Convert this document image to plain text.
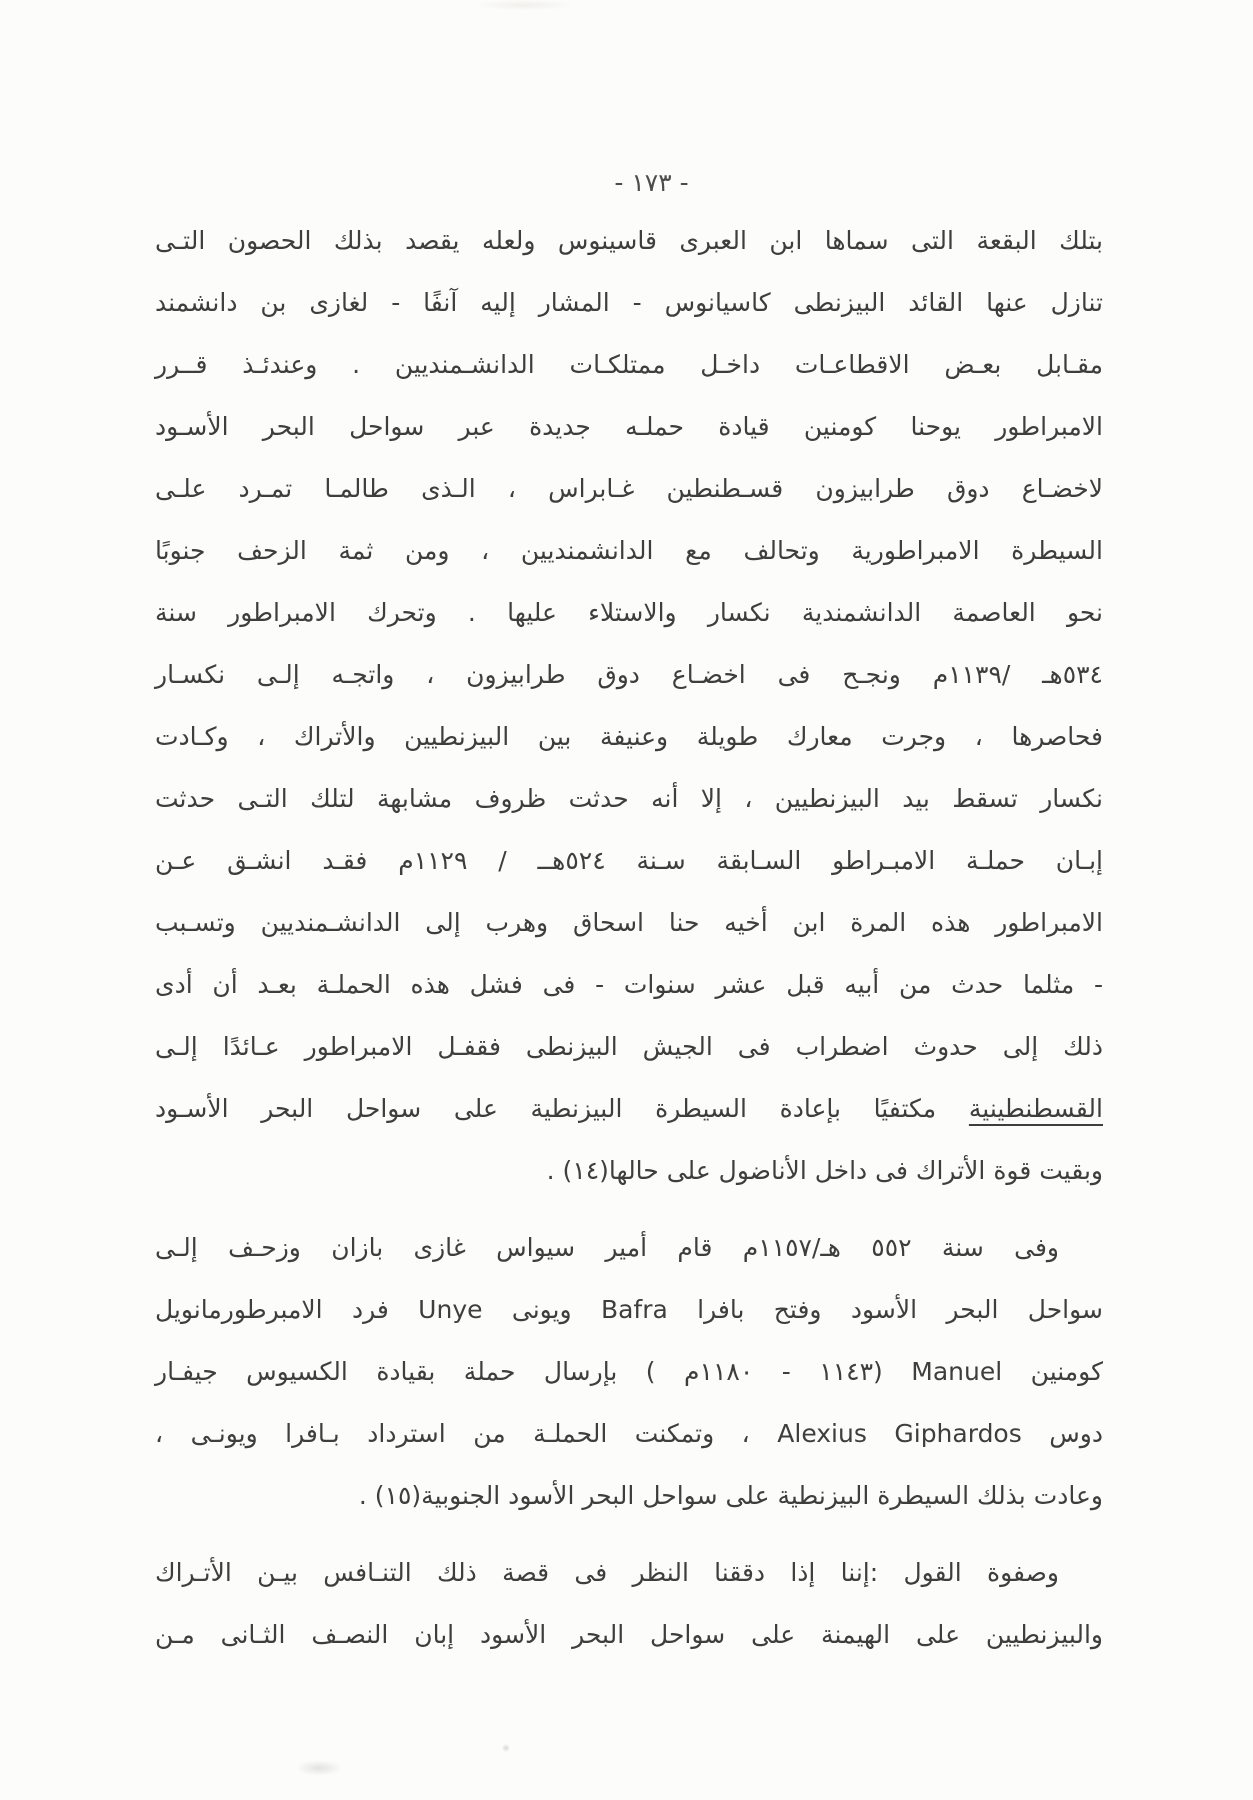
- ١٧٣ -
بتلك البقعة التى سماها ابن العبرى قاسينوس ولعله يقصد بذلك الحصون التـى
تنازل عنها القائد البيزنطى كاسيانوس - المشار إليه آنفًا - لغازى بن دانشمند
مقـابل بعـض الاقطاعـات داخـل ممتلكـات الدانشـمنديين . وعندئـذ قــرر
الامبراطور يوحنا كومنين قيادة حملـه جديدة عبر سواحل البحر الأسـود
لاخضـاع دوق طرابيزون قسـطنطين غـابراس ، الـذى طالمـا تمـرد علـى
السيطرة الامبراطورية وتحالف مع الدانشمنديين ، ومن ثمة الزحف جنوبًا
نحو العاصمة الدانشمندية نكسار والاستلاء عليها . وتحرك الامبراطور سنة
٥٣٤هـ /١١٣٩م ونجـح فى اخضـاع دوق طرابيزون ، واتجـه إلـى نكسـار
فحاصرها ، وجرت معارك طويلة وعنيفة بين البيزنطيين والأتراك ، وكـادت
نكسار تسقط بيد البيزنطيين ، إلا أنه حدثت ظروف مشابهة لتلك التـى حدثت
إبـان حملـة الامبـراطو السـابقة سـنة ٥٢٤هــ / ١١٢٩م فقـد انشـق عـن
الامبراطور هذه المرة ابن أخيه حنا اسحاق وهرب إلى الدانشـمنديين وتسـبب
- مثلما حدث من أبيه قبل عشر سنوات - فى فشل هذه الحملـة بعـد أن أدى
ذلك إلى حدوث اضطراب فى الجيش البيزنطى فقفـل الامبراطور عـائدًا إلـى
القسطنطينية مكتفيًا بإعادة السيطرة البيزنطية على سواحل البحر الأسـود
وبقيت قوة الأتراك فى داخل الأناضول على حالها(١٤) .
وفى سنة ٥٥٢ هـ/١١٥٧م قام أمير سيواس غازى بازان وزحـف إلـى
سواحل البحر الأسود وفتح بافرا Bafra ويونى Unye فرد الامبرطورمانويل
كومنين Manuel (١١٤٣ - ١١٨٠م ) بإرسال حملة بقيادة الكسيوس جيفـار
دوس Alexius Giphardos ، وتمكنت الحملـة من استرداد بـافرا ويونـى ،
وعادت بذلك السيطرة البيزنطية على سواحل البحر الأسود الجنوبية(١٥) .
وصفوة القول :إننا إذا دققنا النظر فى قصة ذلك التنـافس بيـن الأتـراك
والبيزنطيين على الهيمنة على سواحل البحر الأسود إبان النصـف الثـانى مـن
